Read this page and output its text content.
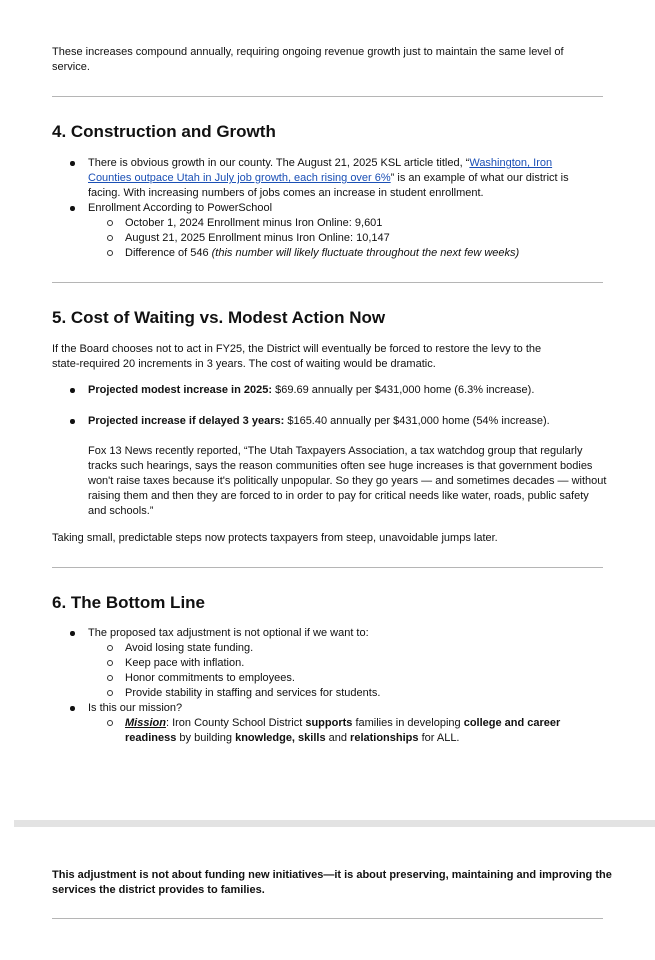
These increases compound annually, requiring ongoing revenue growth just to maintain the same level of service.
4. Construction and Growth
There is obvious growth in our county. The August 21, 2025 KSL article titled, “Washington, Iron Counties outpace Utah in July job growth, each rising over 6%” is an example of what our district is facing. With increasing numbers of jobs comes an increase in student enrollment.
Enrollment According to PowerSchool
October 1, 2024 Enrollment minus Iron Online: 9,601
August 21, 2025 Enrollment minus Iron Online: 10,147
Difference of 546 (this number will likely fluctuate throughout the next few weeks)
5. Cost of Waiting vs. Modest Action Now
If the Board chooses not to act in FY25, the District will eventually be forced to restore the levy to the state-required 20 increments in 3 years. The cost of waiting would be dramatic.
Projected modest increase in 2025: $69.69 annually per $431,000 home (6.3% increase).
Projected increase if delayed 3 years: $165.40 annually per $431,000 home (54% increase).
Fox 13 News recently reported, “The Utah Taxpayers Association, a tax watchdog group that regularly tracks such hearings, says the reason communities often see huge increases is that government bodies won't raise taxes because it's politically unpopular. So they go years — and sometimes decades — without raising them and then they are forced to in order to pay for critical needs like water, roads, public safety and schools.”
Taking small, predictable steps now protects taxpayers from steep, unavoidable jumps later.
6. The Bottom Line
The proposed tax adjustment is not optional if we want to:
Avoid losing state funding.
Keep pace with inflation.
Honor commitments to employees.
Provide stability in staffing and services for students.
Is this our mission?
Mission: Iron County School District supports families in developing college and career readiness by building knowledge, skills and relationships for ALL.
This adjustment is not about funding new initiatives—it is about preserving, maintaining and improving the services the district provides to families.
